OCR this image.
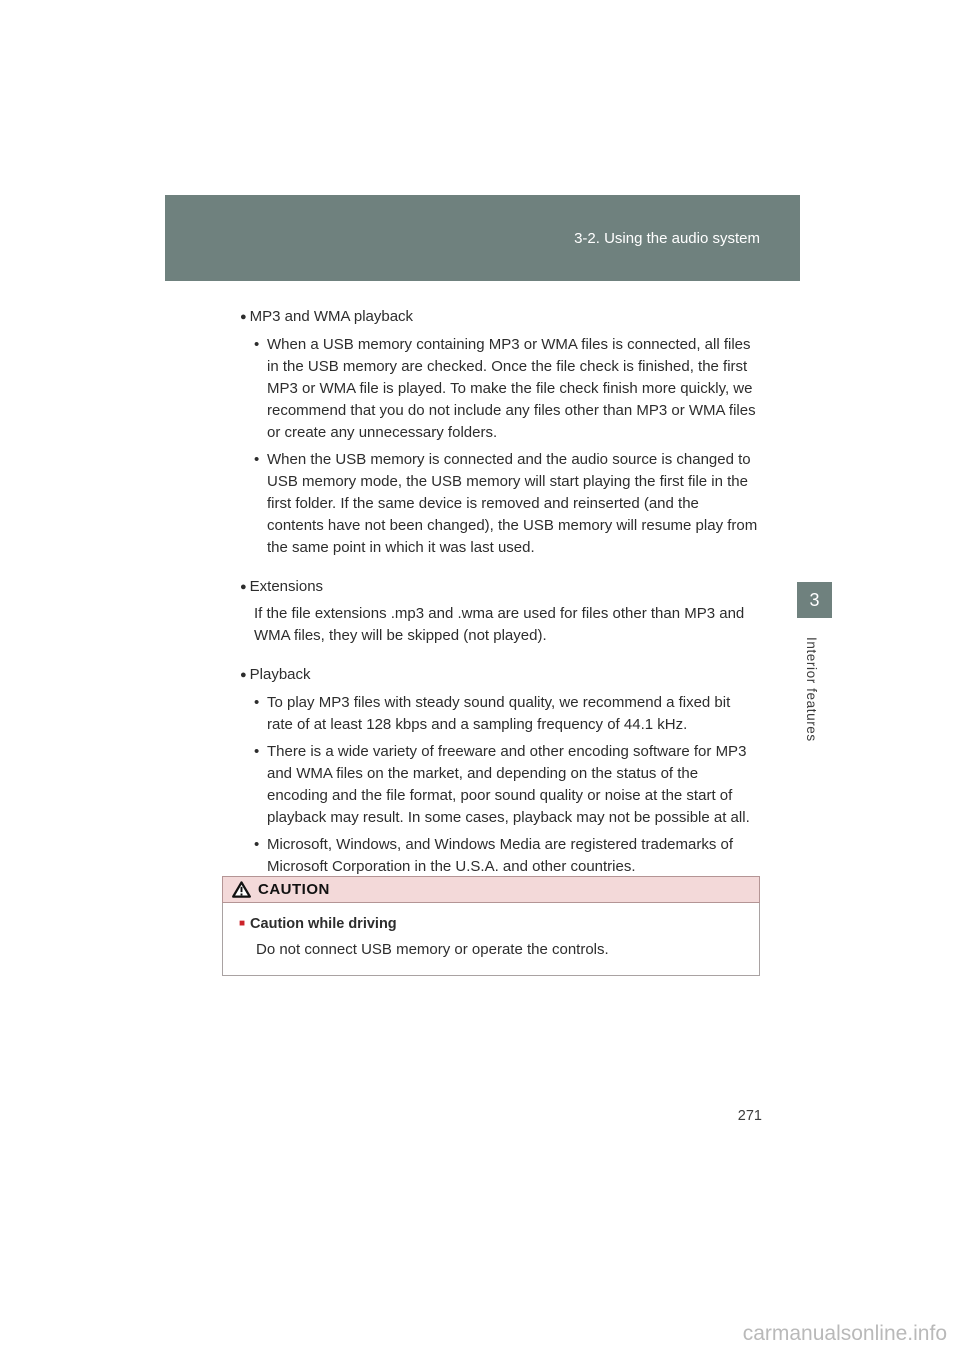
3-2. Using the audio system
● MP3 and WMA playback
• When a USB memory containing MP3 or WMA files is connected, all files in the USB memory are checked. Once the file check is finished, the first MP3 or WMA file is played. To make the file check finish more quickly, we recommend that you do not include any files other than MP3 or WMA files or create any unnecessary folders.
• When the USB memory is connected and the audio source is changed to USB memory mode, the USB memory will start playing the first file in the first folder. If the same device is removed and reinserted (and the contents have not been changed), the USB memory will resume play from the same point in which it was last used.
● Extensions
If the file extensions .mp3 and .wma are used for files other than MP3 and WMA files, they will be skipped (not played).
● Playback
• To play MP3 files with steady sound quality, we recommend a fixed bit rate of at least 128 kbps and a sampling frequency of 44.1 kHz.
• There is a wide variety of freeware and other encoding software for MP3 and WMA files on the market, and depending on the status of the encoding and the file format, poor sound quality or noise at the start of playback may result. In some cases, playback may not be possible at all.
• Microsoft, Windows, and Windows Media are registered trademarks of Microsoft Corporation in the U.S.A. and other countries.
CAUTION
■ Caution while driving
Do not connect USB memory or operate the controls.
3
Interior features
271
carmanualsonline.info
